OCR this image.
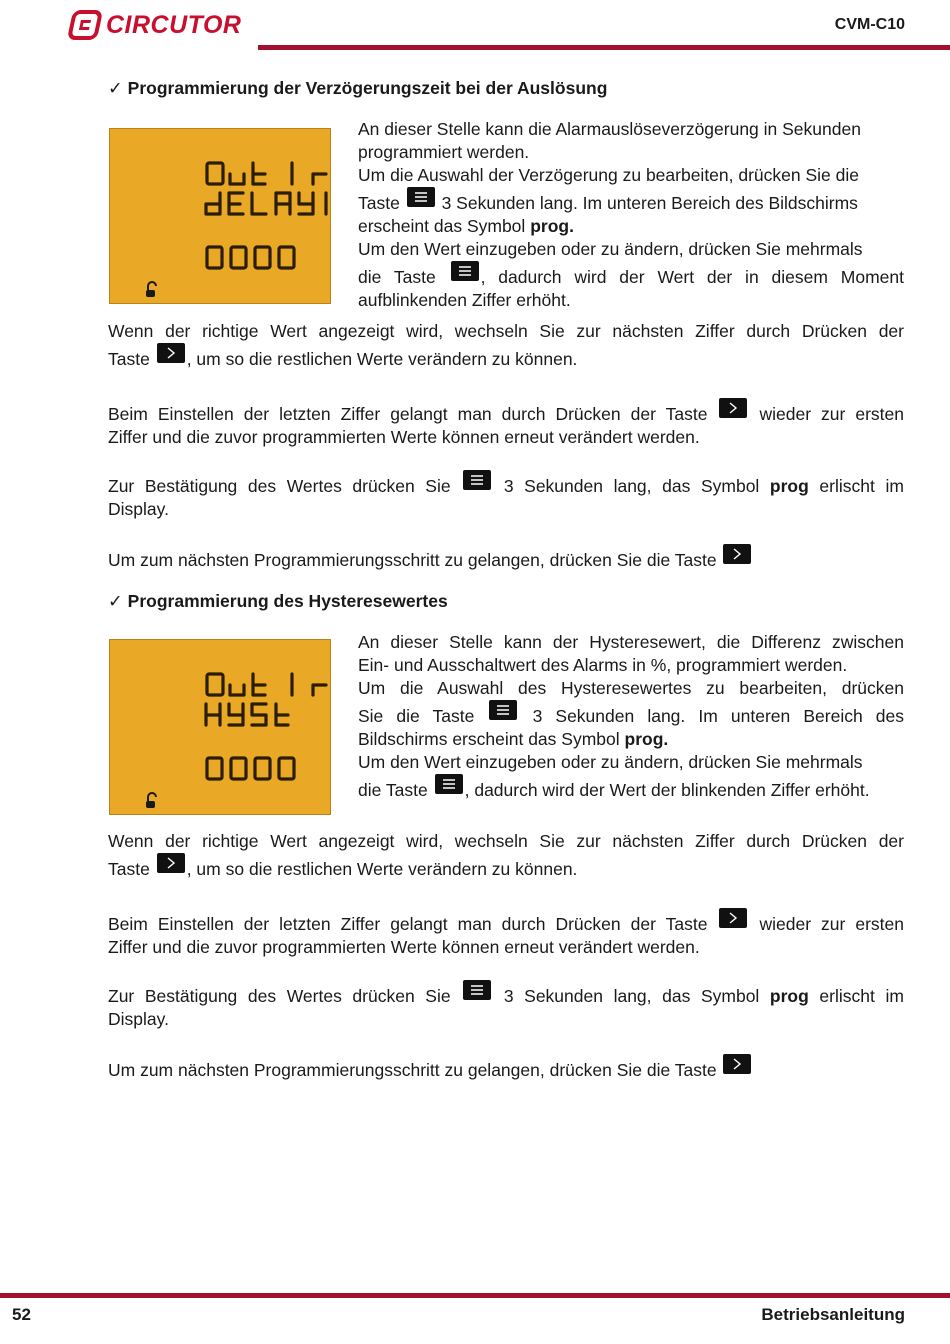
CIRCUTOR	CVM-C10
✓ Programmierung der Verzögerungszeit bei der Auslösung

An dieser Stelle kann die Alarmauslöseverzögerung in Sekunden programmiert werden.

Um die Auswahl der Verzögerung zu bearbeiten, drücken Sie die

Taste 3 Sekunden lang. Im unteren Bereich des Bildschirms

erscheint das Symbol prog.

Um den Wert einzugeben oder zu ändern, drücken Sie mehrmals

die Taste	, dadurch wird der Wert der in diesem Moment

aufblinkenden Ziffer erhöht.

Wenn der richtige Wert angezeigt wird, wechseln Sie zur nächsten Ziffer durch Drücken der

Taste , um so die restlichen Werte verändern zu können.

Beim Einstellen der letzten Ziffer gelangt man durch Drücken der Taste	wieder zur ersten

Ziffer und die zuvor programmierten Werte können erneut verändert werden.

Zur Bestätigung des Wertes drücken Sie	3 Sekunden lang, das Symbol prog erlischt im

Display.

Um zum nächsten Programmierungsschritt zu gelangen, drücken Sie die Taste

✓ Programmierung des Hysteresewertes

An dieser Stelle kann der Hysteresewert, die Differenz zwischen

Ein- und Ausschaltwert des Alarms in %, programmiert werden.

Um die Auswahl des Hysteresewertes zu bearbeiten, drücken

Sie die Taste	3 Sekunden lang. Im unteren Bereich des

Bildschirms erscheint das Symbol prog.

Um den Wert einzugeben oder zu ändern, drücken Sie mehrmals

die Taste , dadurch wird der Wert der blinkenden Ziffer erhöht.

Wenn der richtige Wert angezeigt wird, wechseln Sie zur nächsten Ziffer durch Drücken der

Taste , um so die restlichen Werte verändern zu können.

Beim Einstellen der letzten Ziffer gelangt man durch Drücken der Taste	wieder zur ersten

Ziffer und die zuvor programmierten Werte können erneut verändert werden.

Zur Bestätigung des Wertes drücken Sie	3 Sekunden lang, das Symbol prog erlischt im

Display.

Um zum nächsten Programmierungsschritt zu gelangen, drücken Sie die Taste

52	Betriebsanleitung
